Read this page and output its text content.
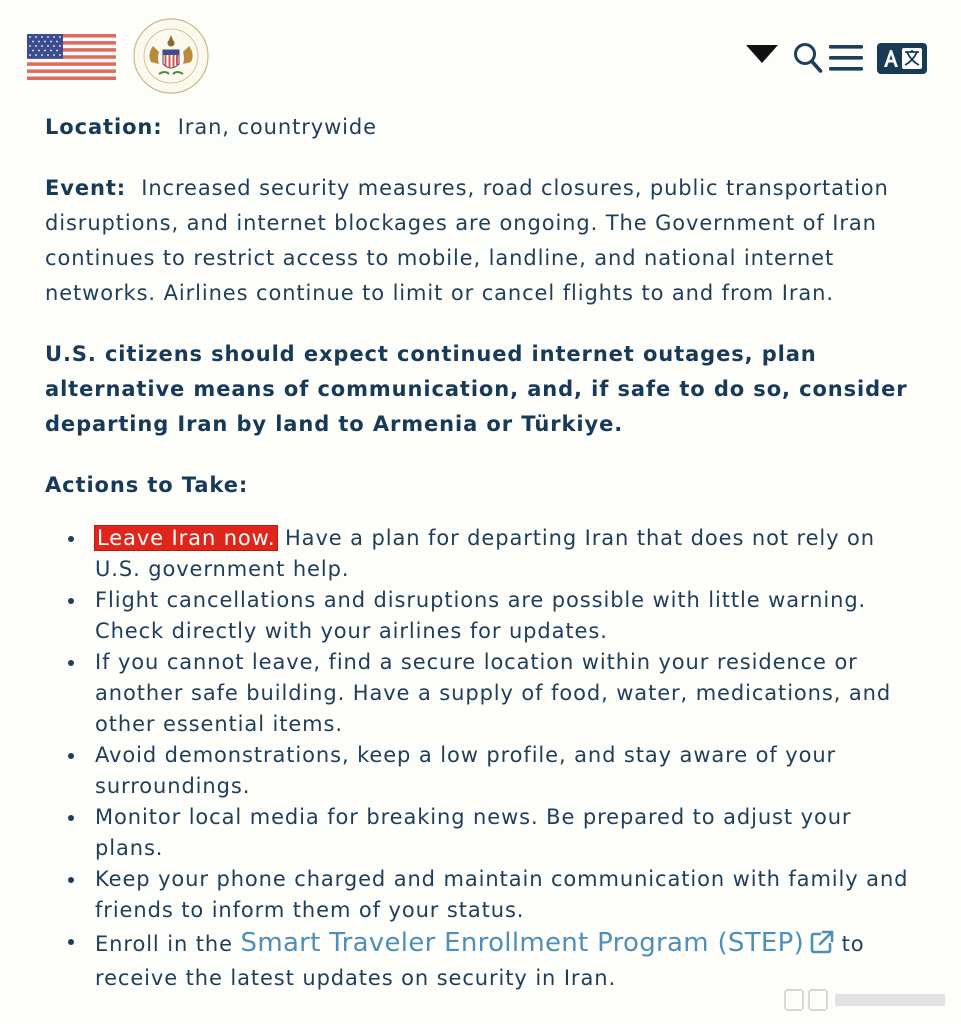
Location: Iran, countrywide

Event: Increased security measures, road closures, public transportation disruptions, and internet blockages are ongoing. The Government of Iran continues to restrict access to mobile, landline, and national internet networks. Airlines continue to limit or cancel flights to and from Iran.

U.S. citizens should expect continued internet outages, plan alternative means of communication, and, if safe to do so, consider departing Iran by land to Armenia or Türkiye.

Actions to Take:

Leave Iran now. Have a plan for departing Iran that does not rely on U.S. government help.
Flight cancellations and disruptions are possible with little warning. Check directly with your airlines for updates.
If you cannot leave, find a secure location within your residence or another safe building. Have a supply of food, water, medications, and other essential items.
Avoid demonstrations, keep a low profile, and stay aware of your surroundings.
Monitor local media for breaking news. Be prepared to adjust your plans.
Keep your phone charged and maintain communication with family and friends to inform them of your status.
Enroll in the Smart Traveler Enrollment Program (STEP) to receive the latest updates on security in Iran.
